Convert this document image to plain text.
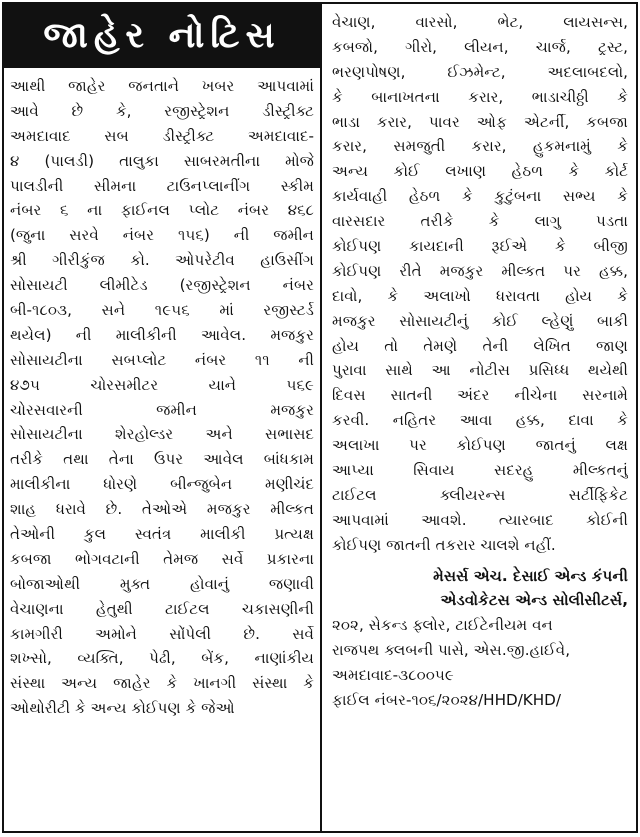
જાહેર નોટિસ
આથી જાહેર જનતાને ખબર આપવામાં
આવે છે કે, રજીસ્ટ્રેશન ડીસ્ટ્રીક્ટ
અમદાવાદ સબ ડીસ્ટ્રીક્ટ અમદાવાદ-
૪ (પાલડી) તાલુકા સાબરમતીના મોજે
પાલડીની સીમના ટાઉનપ્લાનીંગ સ્કીમ
નંબર ૬ ના ફાઈનલ પ્લોટ નંબર ૪૬૮
(જુના સરવે નંબર ૧૫૬) ની જમીન
શ્રી ગીરીકુંજ કો. ઓપરેટીવ હાઉસીંગ
સોસાયટી લીમીટેડ (રજીસ્ટ્રેશન નંબર
બી-૧૮૦૩, સને ૧૯૫૬ માં રજીસ્ટર્ડ
થયેલ) ની માલીકીની આવેલ. મજકુર
સોસાયટીના સબપ્લોટ નંબર ૧૧ ની
૪૭૫ ચોરસમીટર યાને ૫૬૯
ચોરસવારની જમીન મજકુર
સોસાયટીના શેરહોલ્ડર અને સભાસદ
તરીકે તથા તેના ઉપર આવેલ બાંધકામ
માલીકીના ધોરણે બીન્જુબેન મણીચંદ
શાહ ધરાવે છે. તેઓએ મજકુર મીલ્કત
તેઓની કુલ સ્વતંત્ર માલીકી પ્રત્યક્ષ
કબજા ભોગવટાની તેમજ સર્વે પ્રકારના
બોજાઓથી મુક્ત હોવાનું જણાવી
વેચાણના હેતુથી ટાઈટલ ચકાસણીની
કામગીરી અમોને સોંપેલી છે. સર્વે
શખ્સો, વ્યક્તિ, પેઢી, બેંક, નાણાંકીય
સંસ્થા અન્ય જાહેર કે ખાનગી સંસ્થા કે
ઓથોરીટી કે અન્ય કોઈપણ કે જેઓ
વેચાણ, વારસો, ભેટ, લાયસન્સ,
કબજો, ગીરો, લીયન, ચાર્જ, ટ્રસ્ટ,
ભરણપોષણ, ઈઝમેન્ટ, અદલાબદલો,
કે બાનાખતના કરાર, ભાડાચીઠ્ઠી કે
ભાડા કરાર, પાવર ઓફ એટર્ની, કબજા
કરાર, સમજુતી કરાર, હુકમનામું કે
અન્ય કોઈ લખાણ હેઠળ કે કોર્ટ
કાર્યવાહી હેઠળ કે કુટુંબના સભ્ય કે
વારસદાર તરીકે કે લાગુ પડતા
કોઈપણ કાયદાની રૂઈએ કે બીજી
કોઈપણ રીતે મજકુર મીલ્કત પર હક્ક,
દાવો, કે અલાખો ધરાવતા હોય કે
મજકુર સોસાયટીનું કોઈ લ્હેણું બાકી
હોય તો તેમણે તેની લેખિત જાણ
પુરાવા સાથે આ નોટીસ પ્રસિધ્ધ થયેથી
દિવસ સાતની અંદર નીચેના સરનામે
કરવી. નહિતર આવા હક્ક, દાવા કે
અલાખા પર કોઈપણ જાતનું લક્ષ
આપ્યા સિવાય સદરહુ મીલ્કતનું
ટાઈટલ ક્લીયરન્સ સર્ટીફિકેટ
આપવામાં આવશે. ત્યારબાદ કોઈની
કોઈપણ જાતની તકરાર ચાલશે નહીં.
મેસર્સ એચ. દેસાઈ એન્ડ કંપની
એડવોકેટસ એન્ડ સોલીસીટર્સ,
૨૦૨, સેકન્ડ ફ્લોર, ટાઈટેનીયમ વન
રાજપથ ક્લબની પાસે, એસ.જી.હાઈવે,
અમદાવાદ-૩૮૦૦૫૯
ફાઈલ નંબર-૧૦૬/૨૦૨૪/HHD/KHD/
